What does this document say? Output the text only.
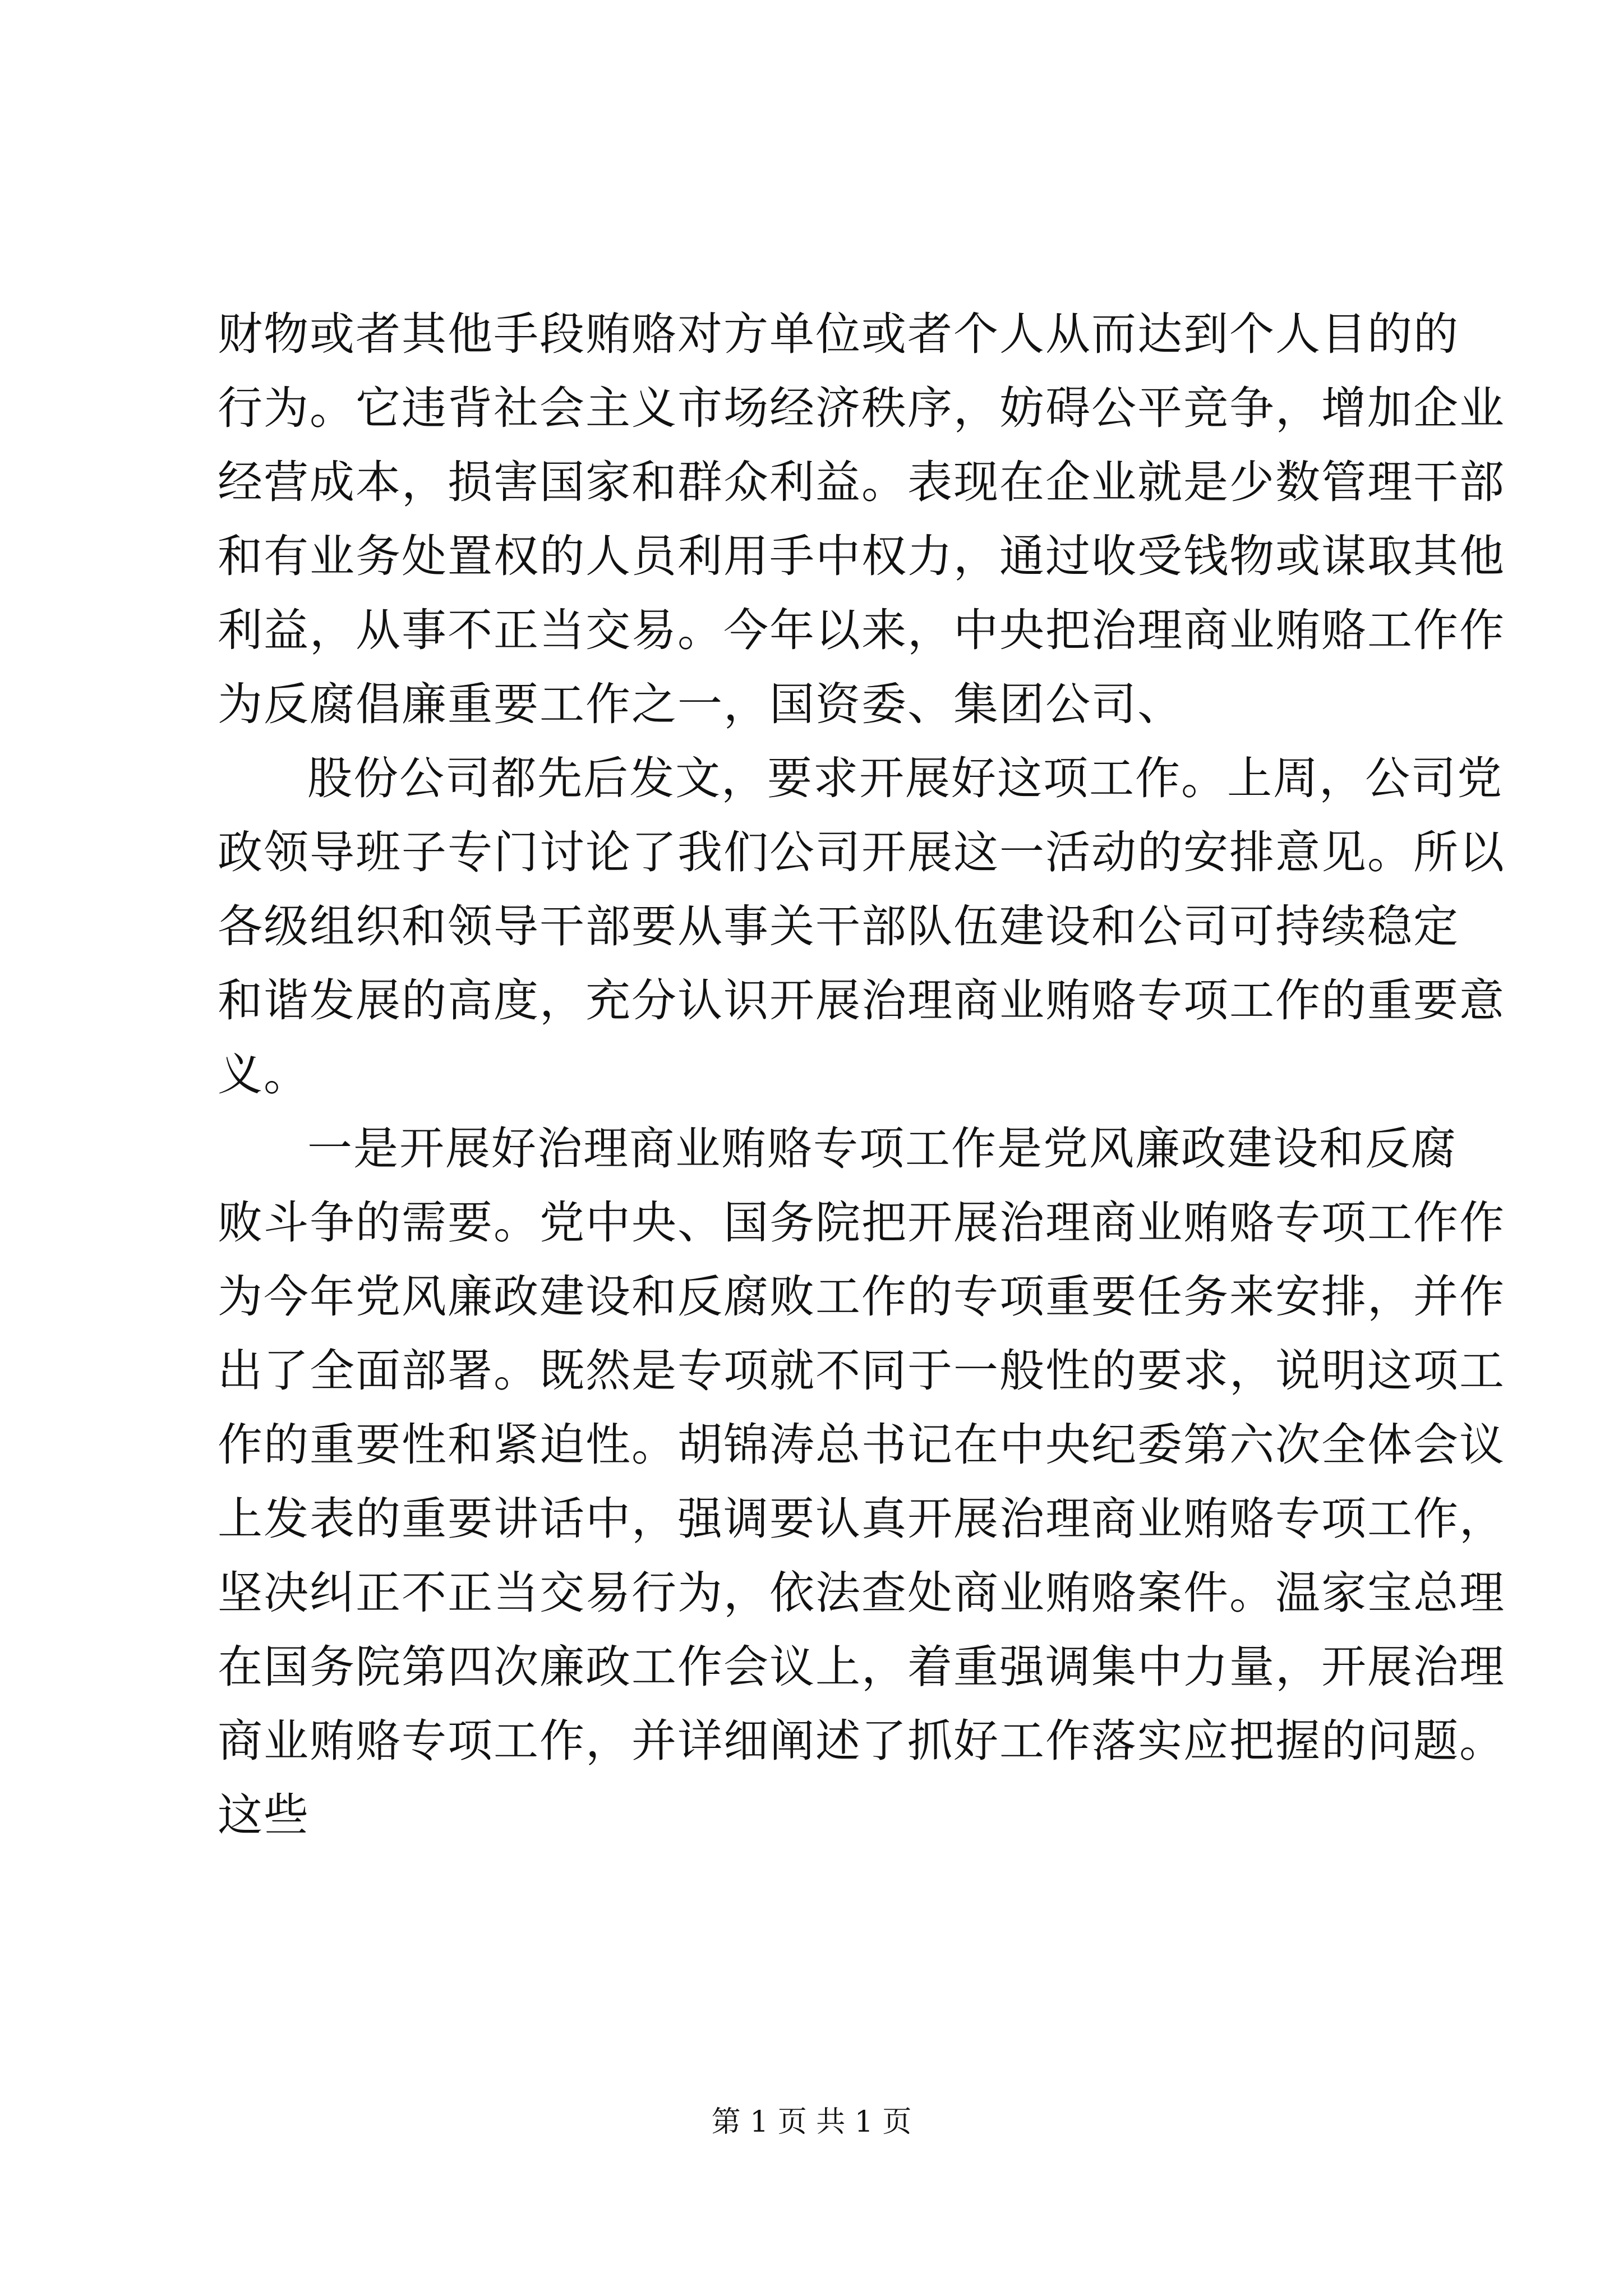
财物或者其他手段贿赂对方单位或者个人从而达到个人目的的
行为。它违背社会主义市场经济秩序，妨碍公平竞争，增加企业
经营成本，损害国家和群众利益。表现在企业就是少数管理干部
和有业务处置权的人员利用手中权力，通过收受钱物或谋取其他
利益，从事不正当交易。今年以来，中央把治理商业贿赂工作作
为反腐倡廉重要工作之一，国资委、集团公司、
股份公司都先后发文，要求开展好这项工作。上周，公司党
政领导班子专门讨论了我们公司开展这一活动的安排意见。所以
各级组织和领导干部要从事关干部队伍建设和公司可持续稳定
和谐发展的高度，充分认识开展治理商业贿赂专项工作的重要意
义。
一是开展好治理商业贿赂专项工作是党风廉政建设和反腐
败斗争的需要。党中央、国务院把开展治理商业贿赂专项工作作
为今年党风廉政建设和反腐败工作的专项重要任务来安排，并作
出了全面部署。既然是专项就不同于一般性的要求，说明这项工
作的重要性和紧迫性。胡锦涛总书记在中央纪委第六次全体会议
上发表的重要讲话中，强调要认真开展治理商业贿赂专项工作，
坚决纠正不正当交易行为，依法查处商业贿赂案件。温家宝总理
在国务院第四次廉政工作会议上，着重强调集中力量，开展治理
商业贿赂专项工作，并详细阐述了抓好工作落实应把握的问题。
这些
第 1 页 共 1 页
